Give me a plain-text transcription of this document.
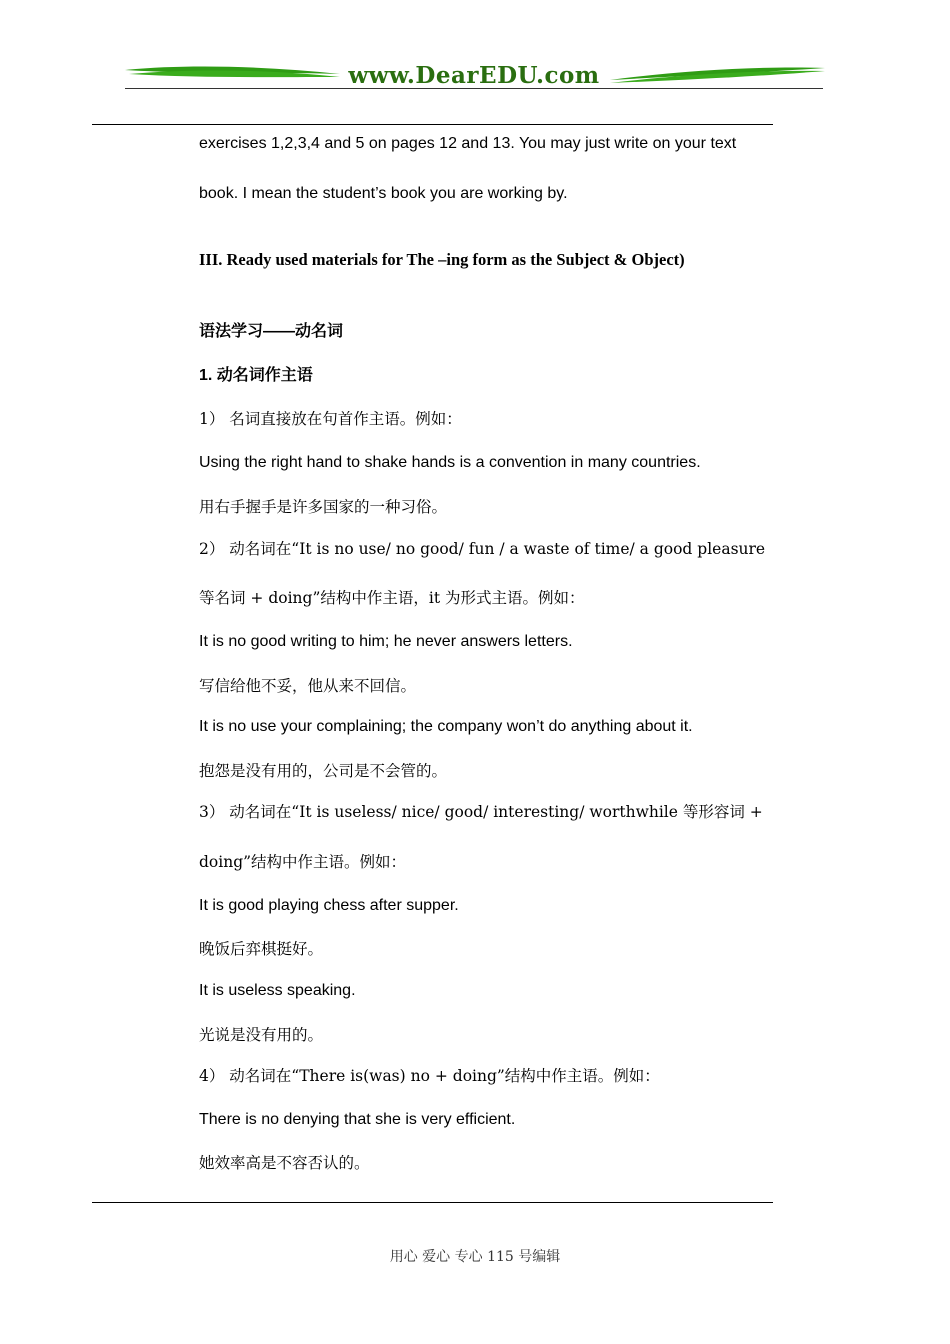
www.DearEDU.com
exercises 1,2,3,4 and 5 on pages 12 and 13. You may just write on your text
book. I mean the student’s book you are working by.
III. Ready used materials for The –ing form as the Subject & Object)
语法学习——动名词
1. 动名词作主语
1） 名词直接放在句首作主语。例如：
Using the right hand to shake hands is a convention in many countries.
用右手握手是许多国家的一种习俗。
2） 动名词在“It is no use/ no good/ fun / a waste of time/ a good pleasure
等名词 + doing”结构中作主语，it 为形式主语。例如：
It is no good writing to him; he never answers letters.
写信给他不妥，他从来不回信。
It is no use your complaining; the company won’t do anything about it.
抱怨是没有用的，公司是不会管的。
3） 动名词在“It is useless/ nice/ good/ interesting/ worthwhile 等形容词 +
doing”结构中作主语。例如：
It is good playing chess after supper.
晚饭后弈棋挺好。
It is useless speaking.
光说是没有用的。
4） 动名词在“There is(was) no + doing”结构中作主语。例如：
There is no denying that she is very efficient.
她效率高是不容否认的。
用心 爱心 专心 115 号编辑
